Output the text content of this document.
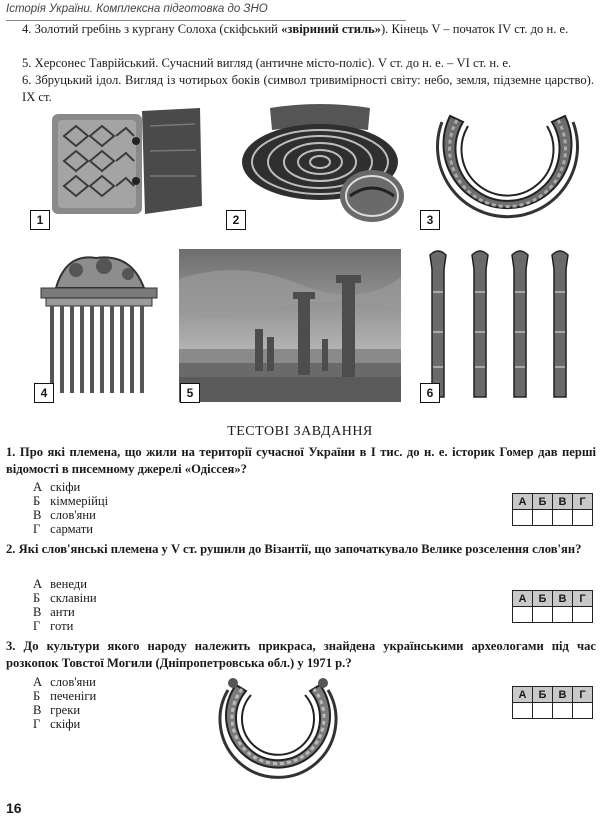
Історія України. Комплексна підготовка до ЗНО
4. Золотий гребінь з кургану Солоха (скіфський «звіриний стиль»). Кінець V – початок IV ст. до н. е.
5. Херсонес Таврійський. Сучасний вигляд (античне місто-поліс). V ст. до н. е. – VI ст. н. е.
6. Збруцький ідол. Вигляд із чотирьох боків (символ тривимірності світу: небо, земля, підземне царство). IX ст.
1	2	3
4	5	6
ТЕСТОВІ ЗАВДАННЯ
1. Про які племена, що жили на території сучасної України в І тис. до н. е. історик Гомер дав перші відомості в писемному джерелі «Одіссея»?
А скіфи
Б кіммерійці
В слов'яни
Г сармати
А	Б	В	Г

2. Які слов'янські племена у V ст. рушили до Візантії, що започаткувало Велике розселення слов'ян?
А венеди
Б склавіни
В анти
Г готи
А	Б	В	Г

3. До культури якого народу належить прикраса, знайдена українськими археологами під час розкопок Товстої Могили (Дніпропетровська обл.) у 1971 р.?
А слов'яни
Б печеніги
В греки
Г скіфи
А	Б	В	Г

16
